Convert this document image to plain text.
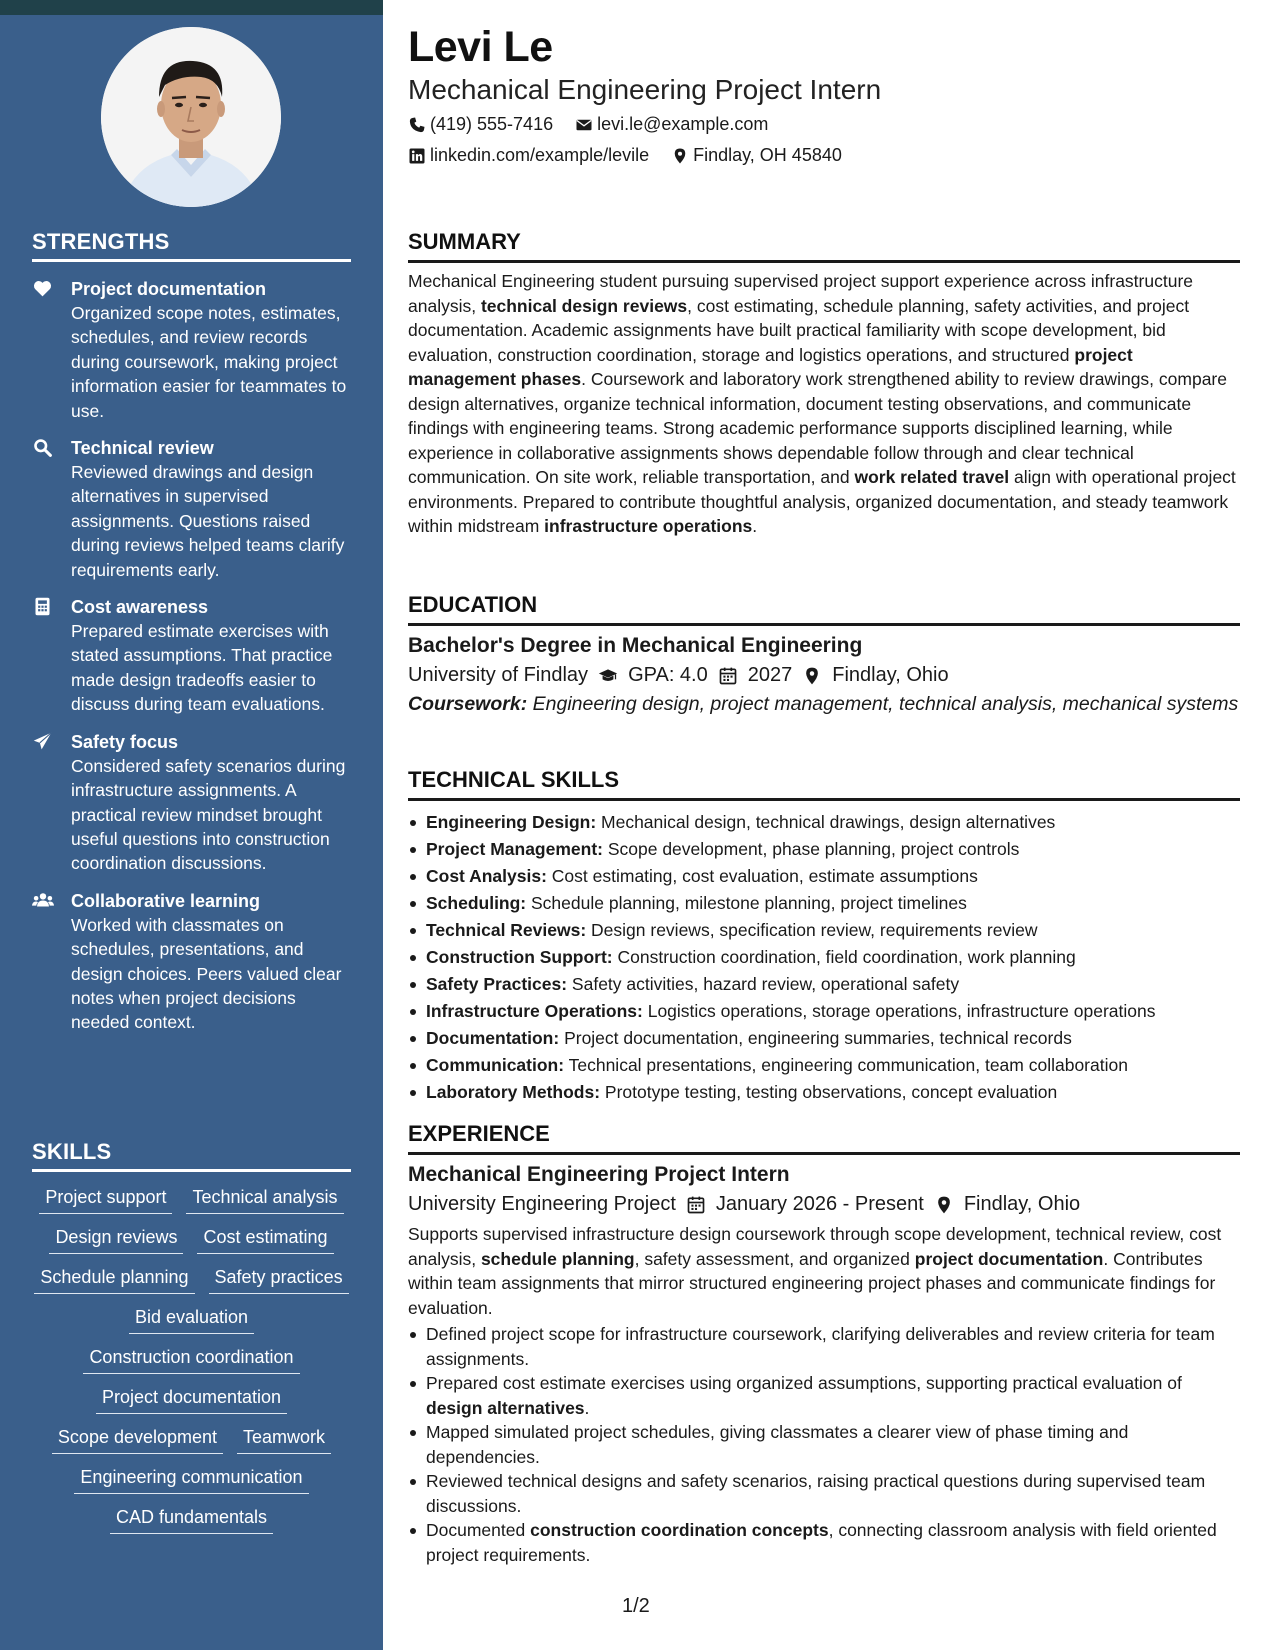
STRENGTHS
Project documentation
Organized scope notes, estimates, schedules, and review records during coursework, making project information easier for teammates to use.
Technical review
Reviewed drawings and design alternatives in supervised assignments. Questions raised during reviews helped teams clarify requirements early.
Cost awareness
Prepared estimate exercises with stated assumptions. That practice made design tradeoffs easier to discuss during team evaluations.
Safety focus
Considered safety scenarios during infrastructure assignments. A practical review mindset brought useful questions into construction coordination discussions.
Collaborative learning
Worked with classmates on schedules, presentations, and design choices. Peers valued clear notes when project decisions needed context.
SKILLS
Project support	Technical analysis
Design reviews	Cost estimating
Schedule planning	Safety practices
Bid evaluation
Construction coordination
Project documentation
Scope development	Teamwork
Engineering communication
CAD fundamentals
Levi Le
Mechanical Engineering Project Intern
(419) 555-7416 levi.le@example.com
linkedin.com/example/levile Findlay, OH 45840
SUMMARY

Mechanical Engineering student pursuing supervised project support experience across infrastructure analysis, technical design reviews, cost estimating, schedule planning, safety activities, and project documentation. Academic assignments have built practical familiarity with scope development, bid evaluation, construction coordination, storage and logistics operations, and structured project management phases. Coursework and laboratory work strengthened ability to review drawings, compare design alternatives, organize technical information, document testing observations, and communicate findings with engineering teams. Strong academic performance supports disciplined learning, while experience in collaborative assignments shows dependable follow through and clear technical communication. On site work, reliable transportation, and work related travel align with operational project environments. Prepared to contribute thoughtful analysis, organized documentation, and steady teamwork within midstream infrastructure operations.

EDUCATION
Bachelor's Degree in Mechanical Engineering
University of Findlay GPA: 4.0 2027 Findlay, Ohio
Coursework: Engineering design, project management, technical analysis, mechanical systems
TECHNICAL SKILLS
Engineering Design: Mechanical design, technical drawings, design alternatives
Project Management: Scope development, phase planning, project controls
Cost Analysis: Cost estimating, cost evaluation, estimate assumptions
Scheduling: Schedule planning, milestone planning, project timelines
Technical Reviews: Design reviews, specification review, requirements review
Construction Support: Construction coordination, field coordination, work planning
Safety Practices: Safety activities, hazard review, operational safety
Infrastructure Operations: Logistics operations, storage operations, infrastructure operations
Documentation: Project documentation, engineering summaries, technical records
Communication: Technical presentations, engineering communication, team collaboration
Laboratory Methods: Prototype testing, testing observations, concept evaluation
EXPERIENCE
Mechanical Engineering Project Intern
University Engineering Project January 2026 - Present Findlay, Ohio

Supports supervised infrastructure design coursework through scope development, technical review, cost analysis, schedule planning, safety assessment, and organized project documentation. Contributes within team assignments that mirror structured engineering project phases and communicate findings for evaluation.

Defined project scope for infrastructure coursework, clarifying deliverables and review criteria for team assignments.
Prepared cost estimate exercises using organized assumptions, supporting practical evaluation of design alternatives.
Mapped simulated project schedules, giving classmates a clearer view of phase timing and dependencies.
Reviewed technical designs and safety scenarios, raising practical questions during supervised team discussions.
Documented construction coordination concepts, connecting classroom analysis with field oriented project requirements.
1/2
